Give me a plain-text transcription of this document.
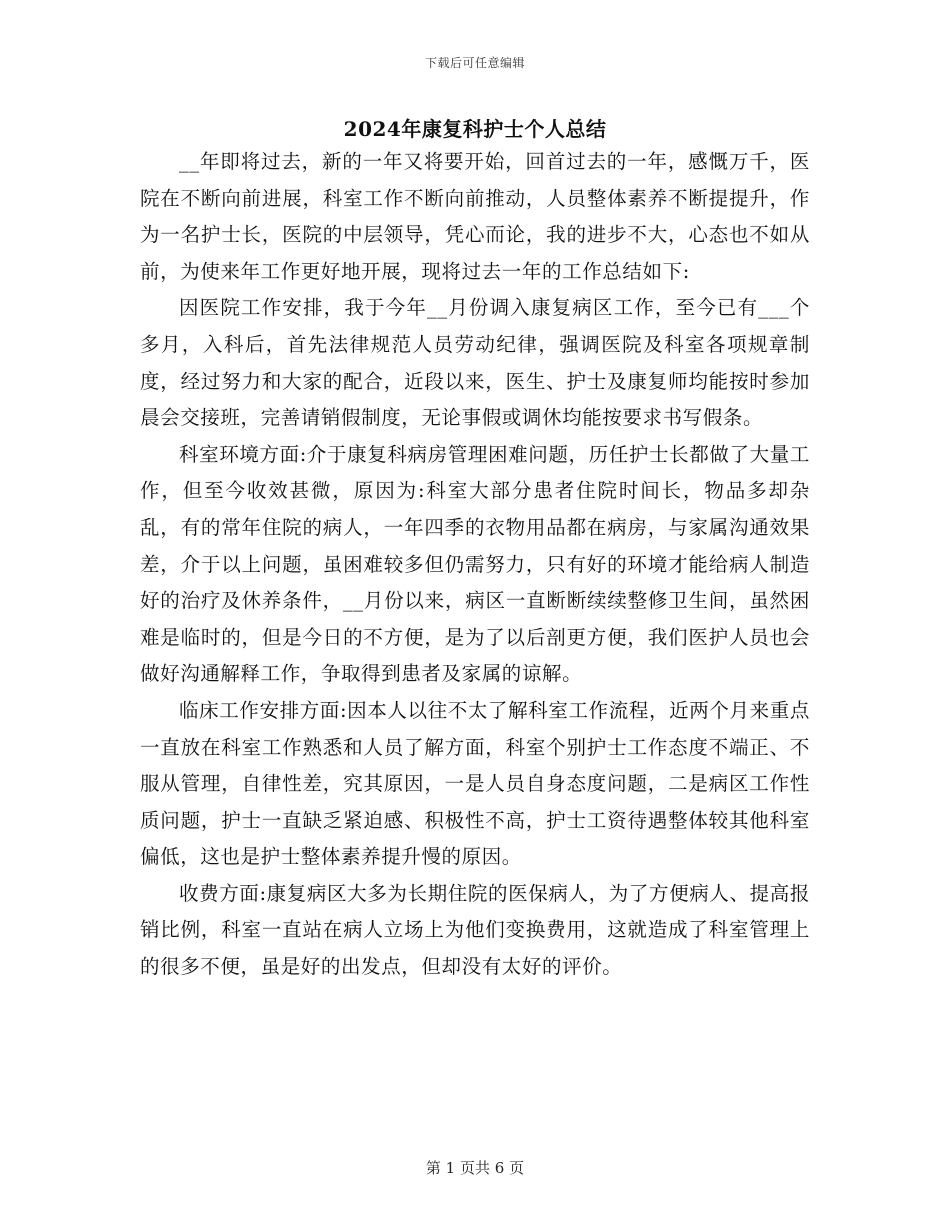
下载后可任意编辑
2024年康复科护士个人总结

__年即将过去，新的一年又将要开始，回首过去的一年，感慨万千，医院在不断向前进展，科室工作不断向前推动，人员整体素养不断提提升，作为一名护士长，医院的中层领导，凭心而论，我的进步不大，心态也不如从前，为使来年工作更好地开展，现将过去一年的工作总结如下:

因医院工作安排，我于今年__月份调入康复病区工作，至今已有___个多月，入科后，首先法律规范人员劳动纪律，强调医院及科室各项规章制度，经过努力和大家的配合，近段以来，医生、护士及康复师均能按时参加晨会交接班，完善请销假制度，无论事假或调休均能按要求书写假条。

科室环境方面:介于康复科病房管理困难问题，历任护士长都做了大量工作，但至今收效甚微，原因为:科室大部分患者住院时间长，物品多却杂乱，有的常年住院的病人，一年四季的衣物用品都在病房，与家属沟通效果差，介于以上问题，虽困难较多但仍需努力，只有好的环境才能给病人制造好的治疗及休养条件，__月份以来，病区一直断断续续整修卫生间，虽然困难是临时的，但是今日的不方便，是为了以后剖更方便，我们医护人员也会做好沟通解释工作，争取得到患者及家属的谅解。

临床工作安排方面:因本人以往不太了解科室工作流程，近两个月来重点一直放在科室工作熟悉和人员了解方面，科室个别护士工作态度不端正、不服从管理，自律性差，究其原因，一是人员自身态度问题，二是病区工作性质问题，护士一直缺乏紧迫感、积极性不高，护士工资待遇整体较其他科室偏低，这也是护士整体素养提升慢的原因。

收费方面:康复病区大多为长期住院的医保病人，为了方便病人、提高报销比例，科室一直站在病人立场上为他们变换费用，这就造成了科室管理上的很多不便，虽是好的出发点，但却没有太好的评价。

第 1 页共 6 页
